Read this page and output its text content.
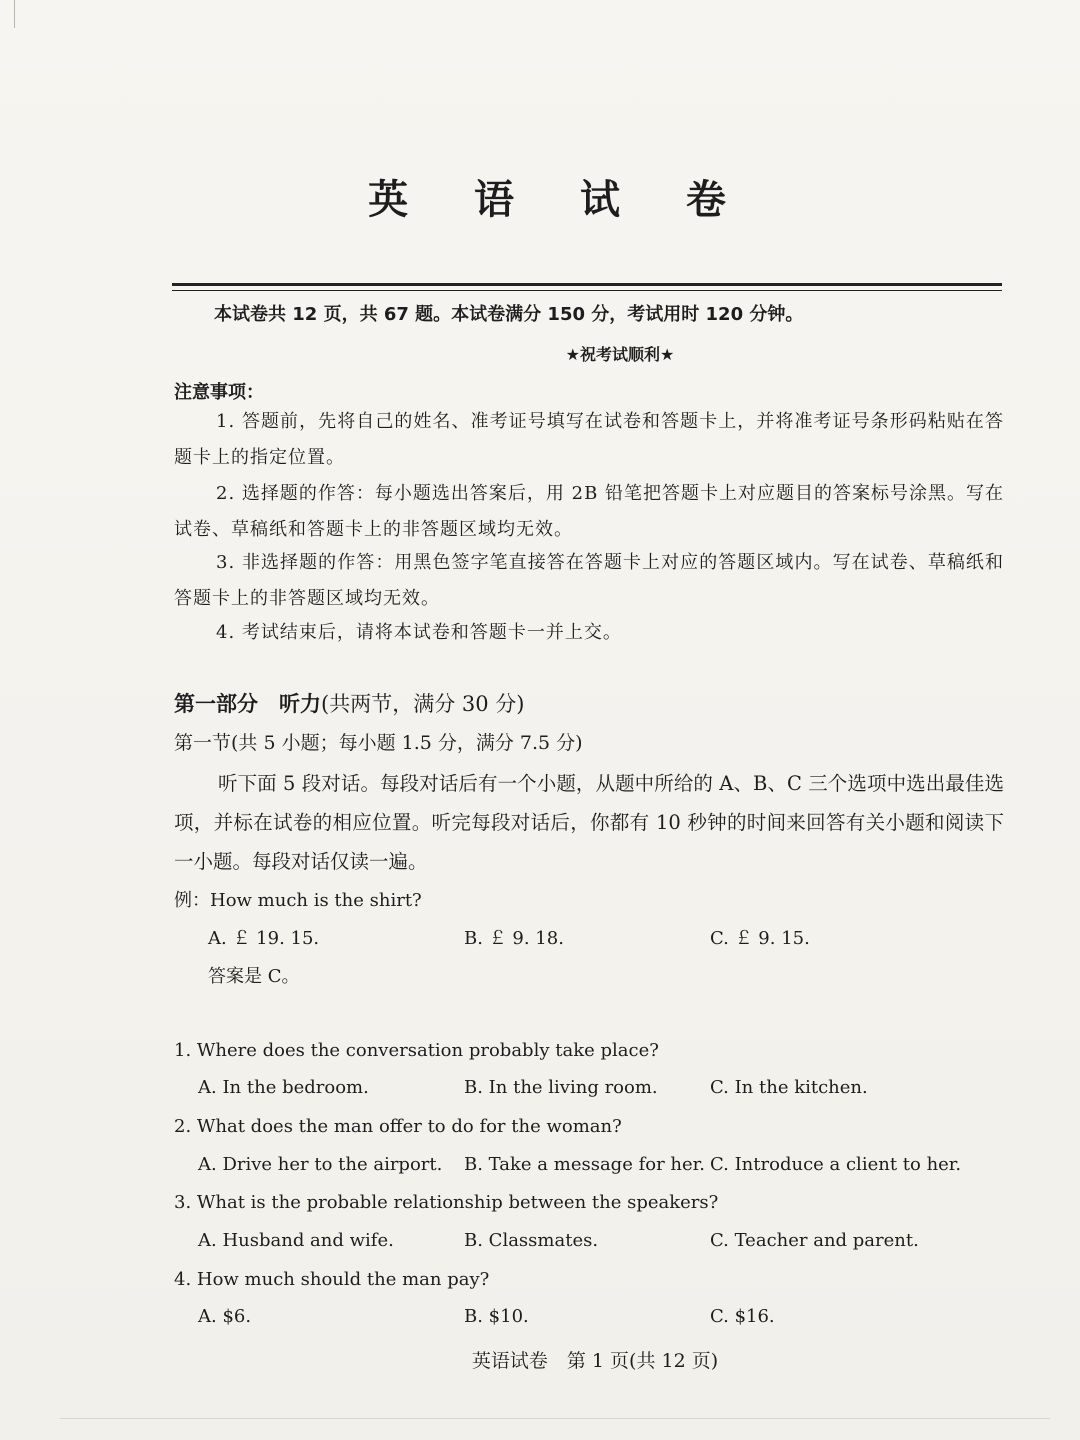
英 语 试 卷
本试卷共 12 页，共 67 题。本试卷满分 150 分，考试用时 120 分钟。
★祝考试顺利★
注意事项：
1. 答题前，先将自己的姓名、准考证号填写在试卷和答题卡上，并将准考证号条形码粘贴在答题卡上的指定位置。
2. 选择题的作答：每小题选出答案后，用 2B 铅笔把答题卡上对应题目的答案标号涂黑。写在试卷、草稿纸和答题卡上的非答题区域均无效。
3. 非选择题的作答：用黑色签字笔直接答在答题卡上对应的答题区域内。写在试卷、草稿纸和答题卡上的非答题区域均无效。
4. 考试结束后，请将本试卷和答题卡一并上交。
第一部分　听力(共两节，满分 30 分)
第一节(共 5 小题；每小题 1.5 分，满分 7.5 分)
听下面 5 段对话。每段对话后有一个小题，从题中所给的 A、B、C 三个选项中选出最佳选项，并标在试卷的相应位置。听完每段对话后，你都有 10 秒钟的时间来回答有关小题和阅读下一小题。每段对话仅读一遍。
例：How much is the shirt?
A. ￡ 19. 15.	B. ￡ 9. 18.	C. ￡ 9. 15.
答案是 C。
1. Where does the conversation probably take place?
A. In the bedroom.	B. In the living room.	C. In the kitchen.
2. What does the man offer to do for the woman?
A. Drive her to the airport. B. Take a message for her. C. Introduce a client to her.
3. What is the probable relationship between the speakers?
A. Husband and wife.	B. Classmates.	C. Teacher and parent.
4. How much should the man pay?
A. $6.	B. $10.	C. $16.
英语试卷　第 1 页(共 12 页)
